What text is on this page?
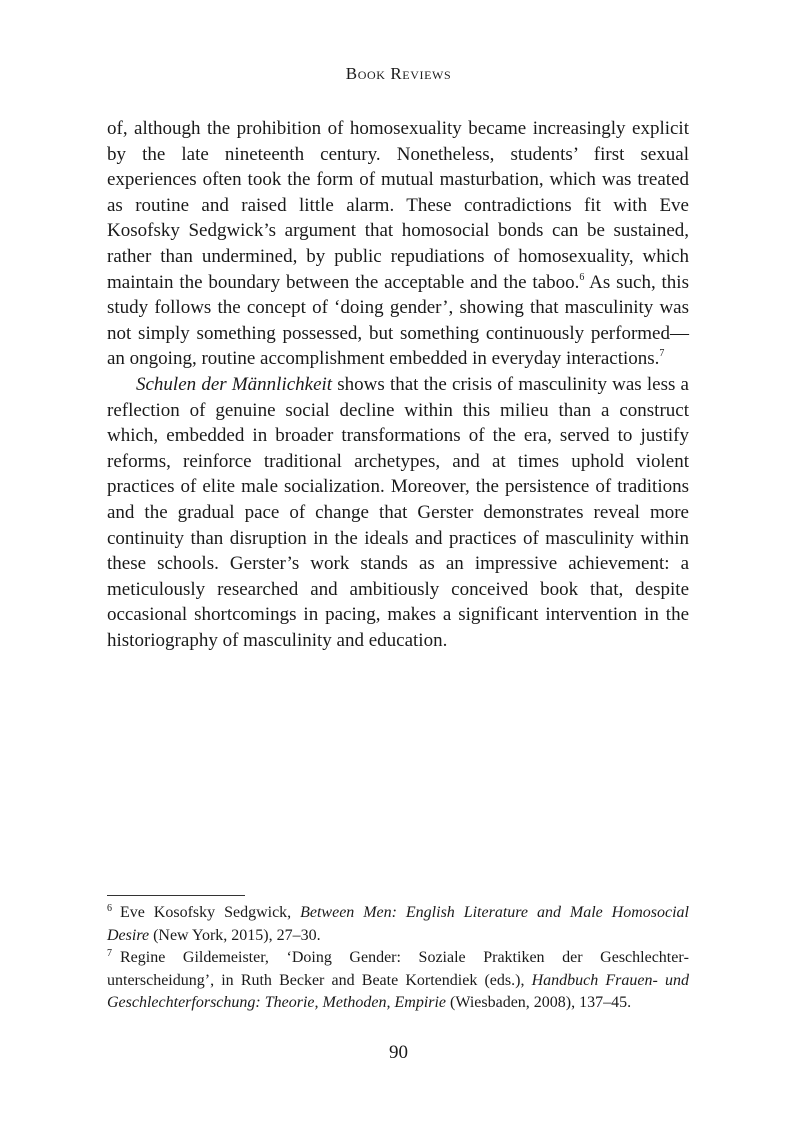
Book Reviews

of, although the prohibition of homosexuality became increasingly explicit by the late nineteenth century. Nonetheless, students’ first sexual experiences often took the form of mutual masturbation, which was treated as routine and raised little alarm. These contradictions fit with Eve Kosofsky Sedgwick’s argument that homosocial bonds can be sustained, rather than undermined, by public repudiations of homosexuality, which maintain the boundary between the acceptable and the taboo.$^6$ As such, this study follows the concept of ‘doing gender’, showing that masculinity was not simply something possessed, but something continuously performed—an ongoing, routine accomplishment embedded in everyday interactions.$^7$

Schulen der Männlichkeit shows that the crisis of masculinity was less a reflection of genuine social decline within this milieu than a construct which, embedded in broader transformations of the era, served to justify reforms, reinforce traditional archetypes, and at times uphold violent practices of elite male socialization. Moreover, the persistence of traditions and the gradual pace of change that Gerster demonstrates reveal more continuity than disruption in the ideals and practices of masculinity within these schools. Gerster’s work stands as an impressive achievement: a meticulously researched and ambitiously conceived book that, despite occasional shortcomings in pacing, makes a significant intervention in the historiography of masculinity and education.

$^6$ Eve Kosofsky Sedgwick, Between Men: English Literature and Male Homosocial Desire (New York, 2015), 27–30.

$^7$ Regine Gildemeister, ‘Doing Gender: Soziale Praktiken der Geschlechterunterscheidung’, in Ruth Becker and Beate Kortendiek (eds.), Handbuch Frauen- und Geschlechterforschung: Theorie, Methoden, Empirie (Wiesbaden, 2008), 137–45.

90
